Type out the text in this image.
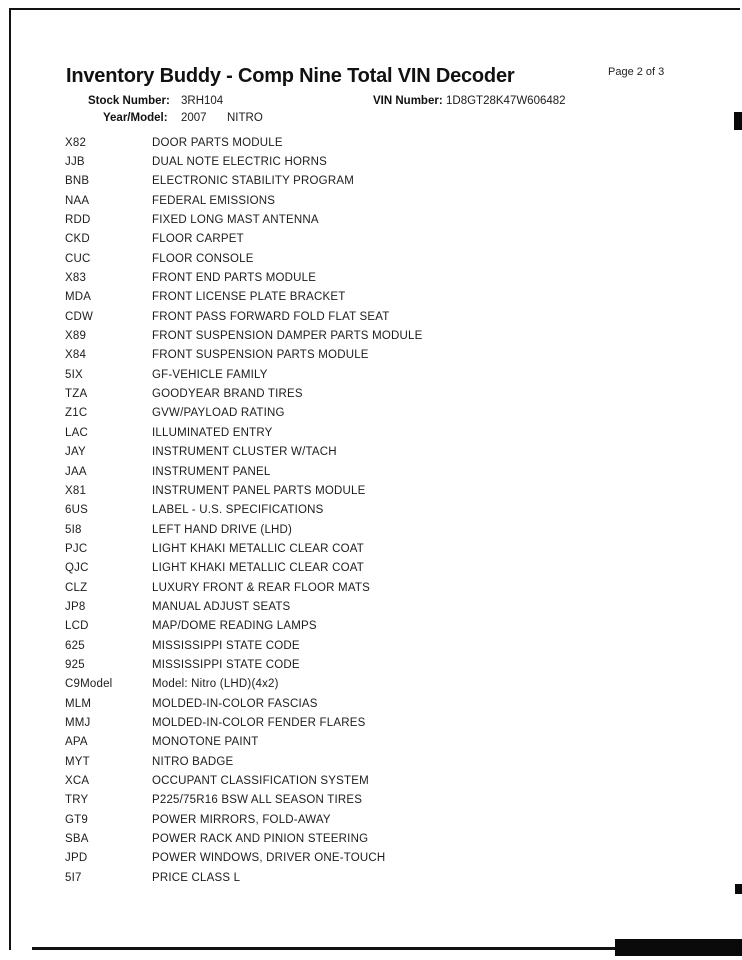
Inventory Buddy - Comp Nine Total VIN Decoder	Page 2 of 3
Stock Number: 3RH104	VIN Number: 1D8GT28K47W606482
Year/Model: 2007 NITRO
X82	DOOR PARTS MODULE
JJB	DUAL NOTE ELECTRIC HORNS
BNB	ELECTRONIC STABILITY PROGRAM
NAA	FEDERAL EMISSIONS
RDD	FIXED LONG MAST ANTENNA
CKD	FLOOR CARPET
CUC	FLOOR CONSOLE
X83	FRONT END PARTS MODULE
MDA	FRONT LICENSE PLATE BRACKET
CDW	FRONT PASS FORWARD FOLD FLAT SEAT
X89	FRONT SUSPENSION DAMPER PARTS MODULE
X84	FRONT SUSPENSION PARTS MODULE
5IX	GF-VEHICLE FAMILY
TZA	GOODYEAR BRAND TIRES
Z1C	GVW/PAYLOAD RATING
LAC	ILLUMINATED ENTRY
JAY	INSTRUMENT CLUSTER W/TACH
JAA	INSTRUMENT PANEL
X81	INSTRUMENT PANEL PARTS MODULE
6US	LABEL - U.S. SPECIFICATIONS
5I8	LEFT HAND DRIVE (LHD)
PJC	LIGHT KHAKI METALLIC CLEAR COAT
QJC	LIGHT KHAKI METALLIC CLEAR COAT
CLZ	LUXURY FRONT & REAR FLOOR MATS
JP8	MANUAL ADJUST SEATS
LCD	MAP/DOME READING LAMPS
625	MISSISSIPPI STATE CODE
925	MISSISSIPPI STATE CODE
C9Model	Model: Nitro (LHD)(4x2)
MLM	MOLDED-IN-COLOR FASCIAS
MMJ	MOLDED-IN-COLOR FENDER FLARES
APA	MONOTONE PAINT
MYT	NITRO BADGE
XCA	OCCUPANT CLASSIFICATION SYSTEM
TRY	P225/75R16 BSW ALL SEASON TIRES
GT9	POWER MIRRORS, FOLD-AWAY
SBA	POWER RACK AND PINION STEERING
JPD	POWER WINDOWS, DRIVER ONE-TOUCH
5I7	PRICE CLASS L
